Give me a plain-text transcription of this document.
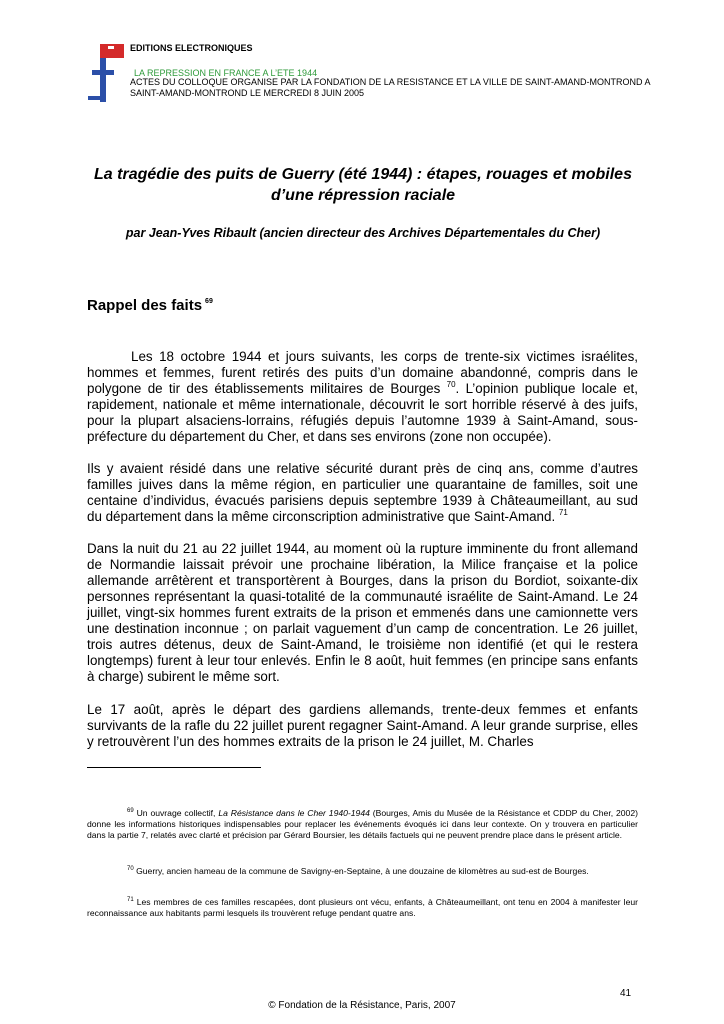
EDITIONS ELECTRONIQUES
LA REPRESSION EN FRANCE A L’ETE 1944
ACTES DU COLLOQUE ORGANISE PAR LA FONDATION DE LA RESISTANCE ET LA VILLE DE SAINT-AMAND-MONTROND A SAINT-AMAND-MONTROND LE MERCREDI 8 JUIN 2005
La tragédie des puits de Guerry (été 1944) : étapes, rouages et mobiles d’une répression raciale
par Jean-Yves Ribault (ancien directeur des Archives Départementales du Cher)
Rappel des faits $^{69}$

Les 18 octobre 1944 et jours suivants, les corps de trente-six victimes israélites, hommes et femmes, furent retirés des puits d’un domaine abandonné, compris dans le polygone de tir des établissements militaires de Bourges $^{70}$. L’opinion publique locale et, rapidement, nationale et même internationale, découvrit le sort horrible réservé à des juifs, pour la plupart alsaciens-lorrains, réfugiés depuis l’automne 1939 à Saint-Amand, sous-préfecture du département du Cher, et dans ses environs (zone non occupée).

Ils y avaient résidé dans une relative sécurité durant près de cinq ans, comme d’autres familles juives dans la même région, en particulier une quarantaine de familles, soit une centaine d’individus, évacués parisiens depuis septembre 1939 à Châteaumeillant, au sud du département dans la même circonscription administrative que Saint-Amand. $^{71}$

Dans la nuit du 21 au 22 juillet 1944, au moment où la rupture imminente du front allemand de Normandie laissait prévoir une prochaine libération, la Milice française et la police allemande arrêtèrent et transportèrent à Bourges, dans la prison du Bordiot, soixante-dix personnes représentant la quasi-totalité de la communauté israélite de Saint-Amand. Le 24 juillet, vingt-six hommes furent extraits de la prison et emmenés dans une camionnette vers une destination inconnue ; on parlait vaguement d’un camp de concentration. Le 26 juillet, trois autres détenus, deux de Saint-Amand, le troisième non identifié (et qui le restera longtemps) furent à leur tour enlevés. Enfin le 8 août, huit femmes (en principe sans enfants à charge) subirent le même sort.

Le 17 août, après le départ des gardiens allemands, trente-deux femmes et enfants survivants de la rafle du 22 juillet purent regagner Saint-Amand. A leur grande surprise, elles y retrouvèrent l’un des hommes extraits de la prison le 24 juillet, M. Charles

$^{69}$ Un ouvrage collectif, La Résistance dans le Cher 1940-1944 (Bourges, Amis du Musée de la Résistance et CDDP du Cher, 2002) donne les informations historiques indispensables pour replacer les événements évoqués ici dans leur contexte. On y trouvera en particulier dans la partie 7, relatés avec clarté et précision par Gérard Boursier, les détails factuels qui ne peuvent prendre place dans le présent article.

$^{70}$ Guerry, ancien hameau de la commune de Savigny-en-Septaine, à une douzaine de kilomètres au sud-est de Bourges.

$^{71}$ Les membres de ces familles rescapées, dont plusieurs ont vécu, enfants, à Châteaumeillant, ont tenu en 2004 à manifester leur reconnaissance aux habitants parmi lesquels ils trouvèrent refuge pendant quatre ans.

41
© Fondation de la Résistance, Paris, 2007
